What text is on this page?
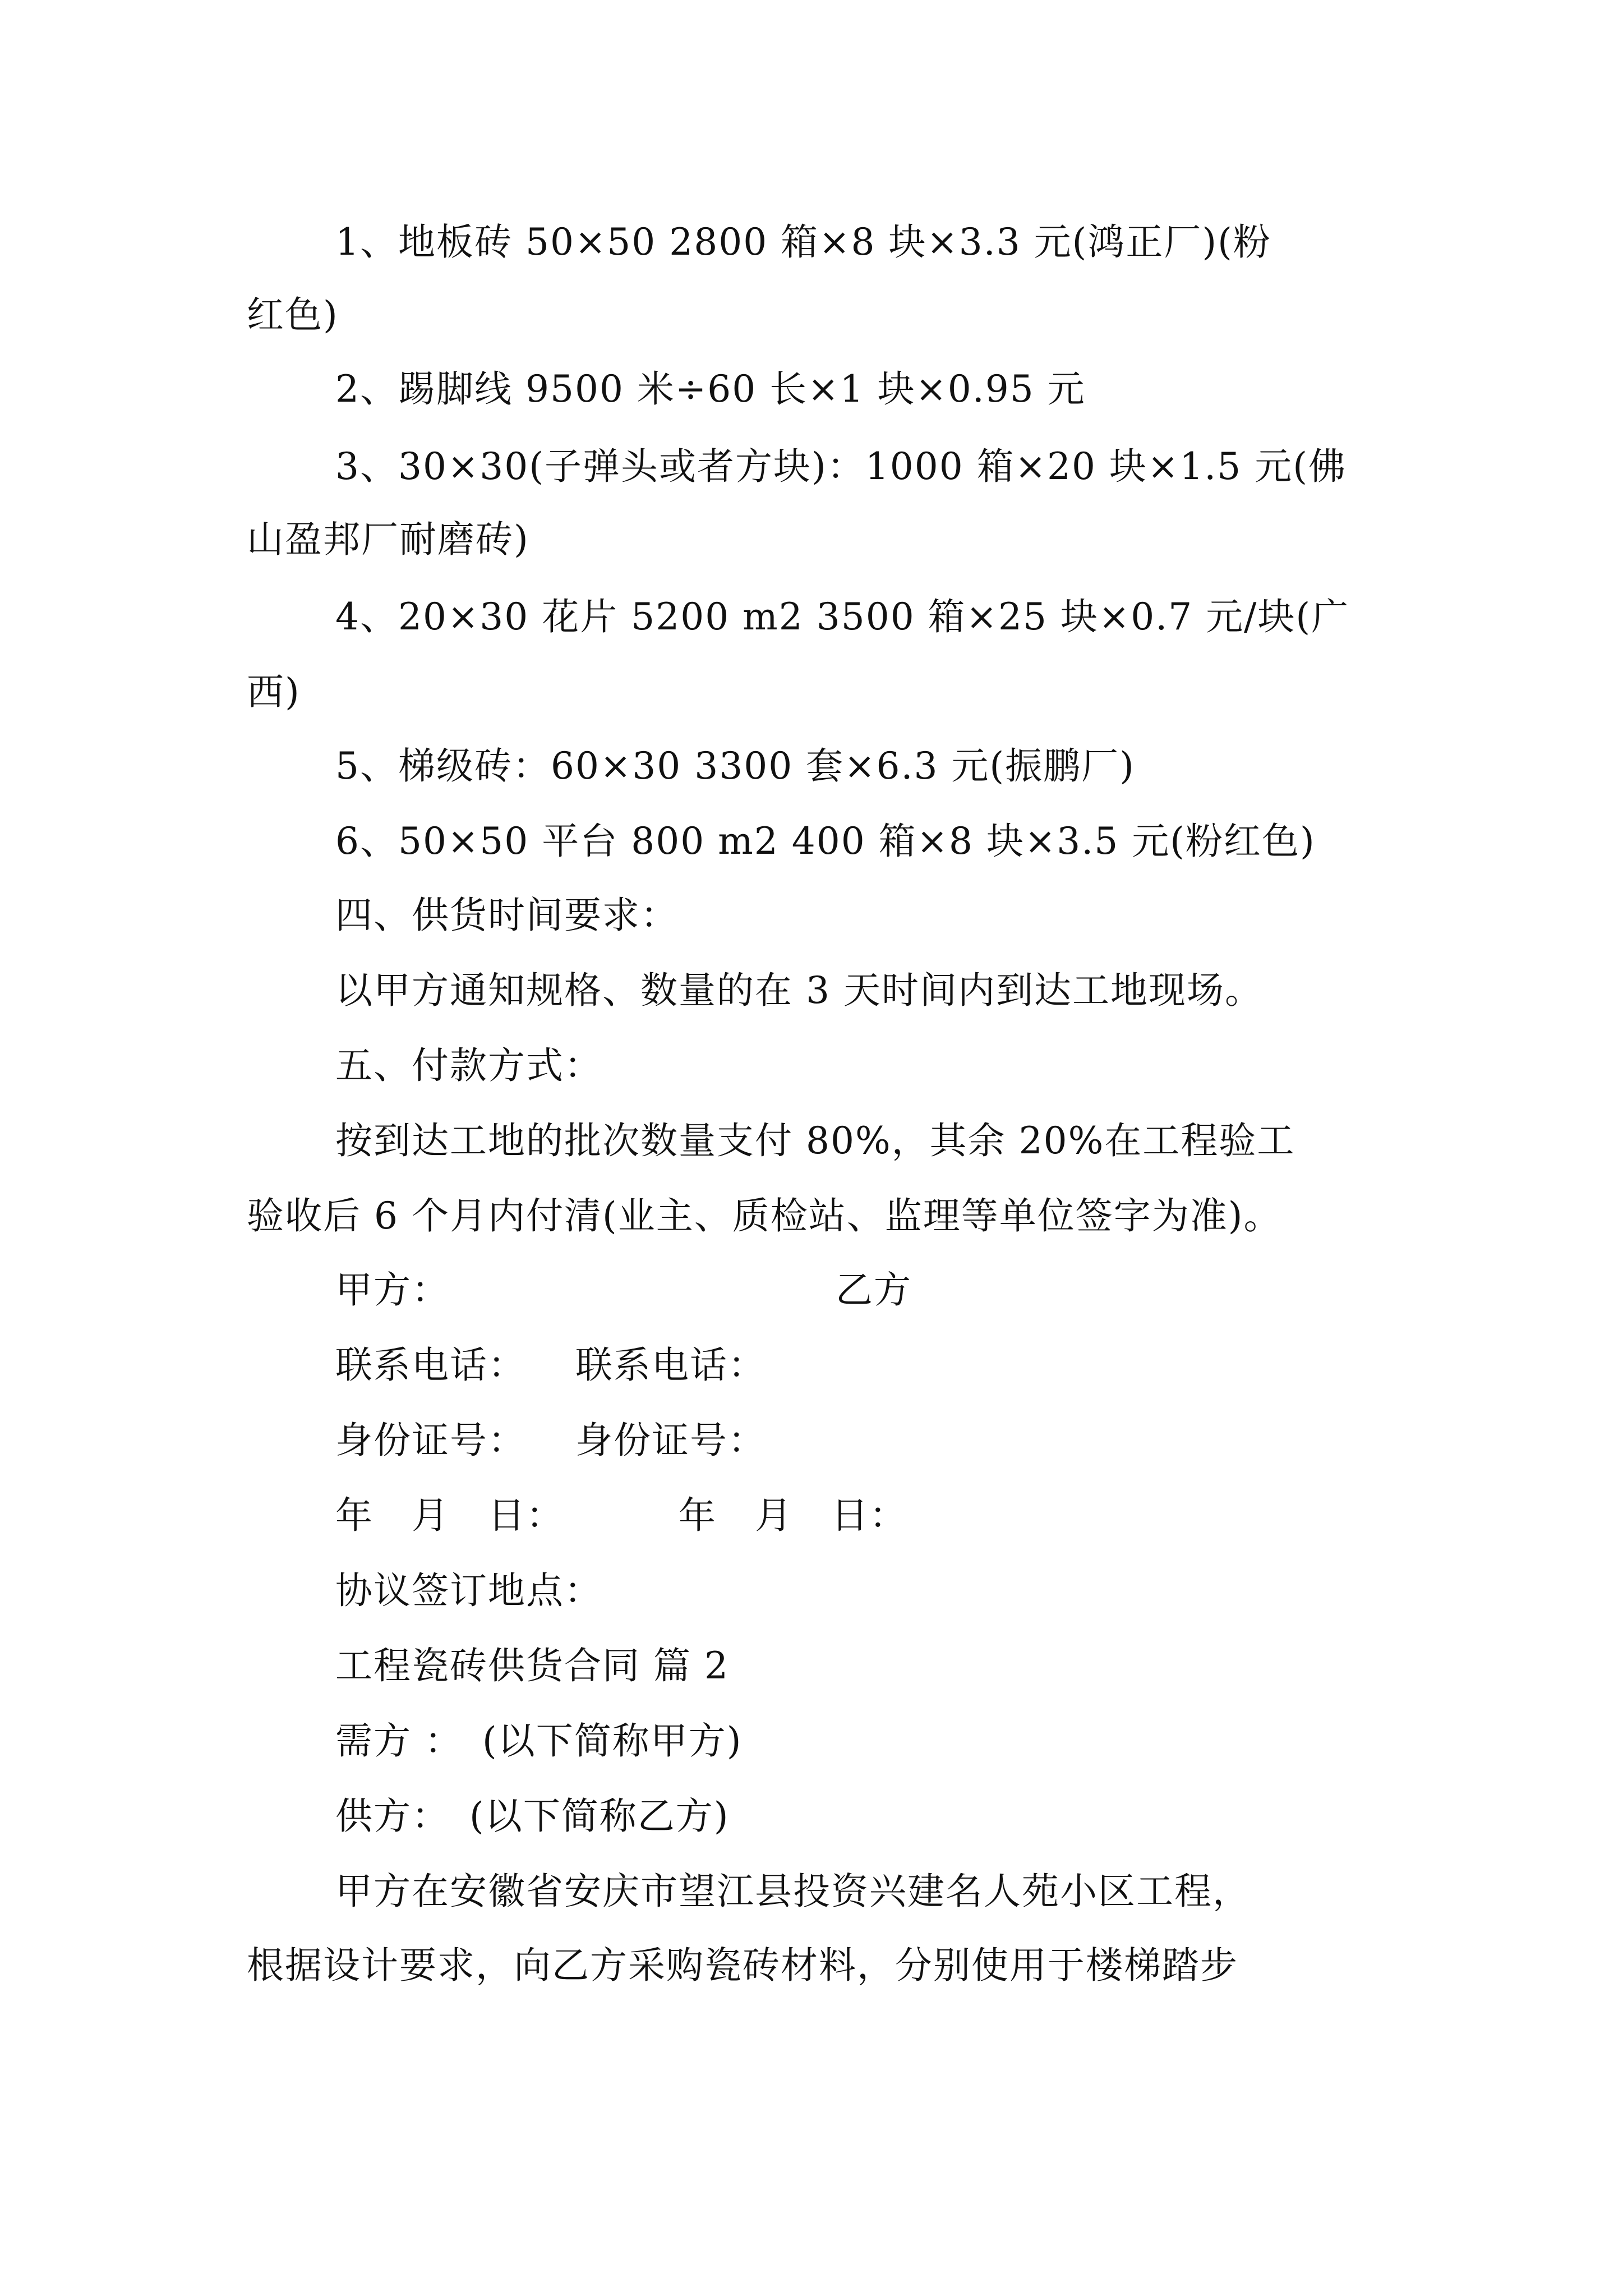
1、地板砖 50×50 2800 箱×8 块×3.3 元(鸿正厂)(粉

红色)

2、踢脚线 9500 米÷60 长×1 块×0.95 元

3、30×30(子弹头或者方块)：1000 箱×20 块×1.5 元(佛

山盈邦厂耐磨砖)

4、20×30 花片 5200 m2 3500 箱×25 块×0.7 元/块(广

西)

5、梯级砖：60×30 3300 套×6.3 元(振鹏厂)

6、50×50 平台 800 m2 400 箱×8 块×3.5 元(粉红色)

四、供货时间要求：

以甲方通知规格、数量的在 3 天时间内到达工地现场。

五、付款方式：

按到达工地的批次数量支付 80%，其余 20%在工程验工

验收后 6 个月内付清(业主、质检站、监理等单位签字为准)。

甲方：	乙方

联系电话： 联系电话：

身份证号： 身份证号：

年　月　日：	年　月　日：

协议签订地点：

工程瓷砖供货合同 篇 2

需方 ：　(以下简称甲方)

供方：　(以下简称乙方)

甲方在安徽省安庆市望江县投资兴建名人苑小区工程，

根据设计要求，向乙方采购瓷砖材料，分别使用于楼梯踏步
